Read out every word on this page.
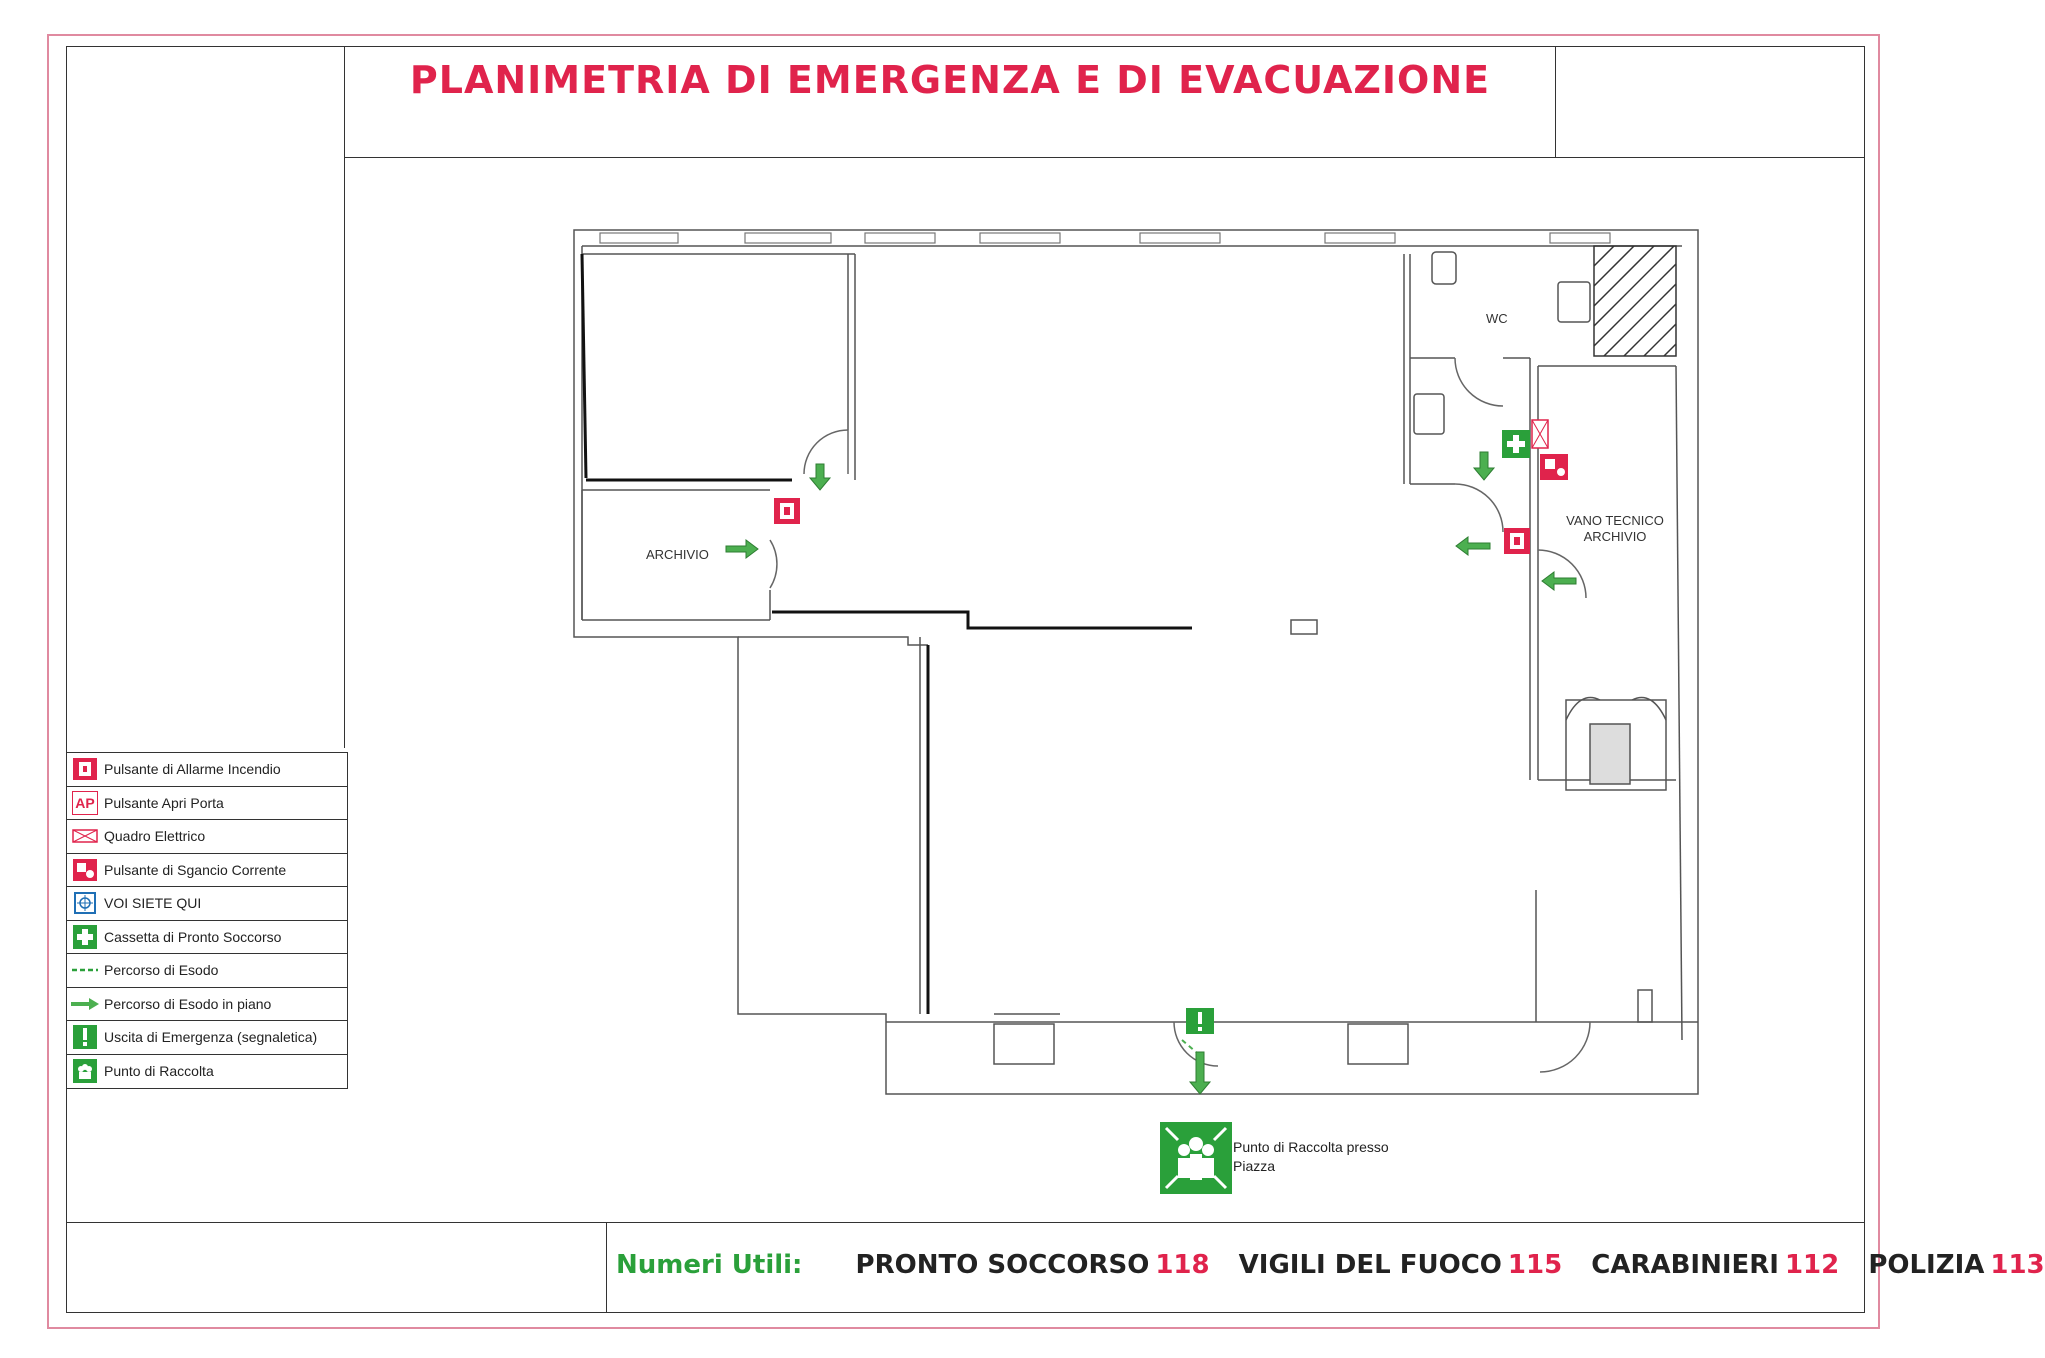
PLANIMETRIA DI EMERGENZA E DI EVACUAZIONE
ARCHIVIO
WC
VANO TECNICO
ARCHIVIO
Punto di Raccolta presso
Piazza
Pulsante di Allarme Incendio
AP Pulsante Apri Porta
Quadro Elettrico
Pulsante di Sgancio Corrente
VOI SIETE QUI
Cassetta di Pronto Soccorso
Percorso di Esodo
Percorso di Esodo in piano
Uscita di Emergenza (segnaletica)
Punto di Raccolta
Numeri Utili: PRONTO SOCCORSO 118 VIGILI DEL FUOCO 115 CARABINIERI 112 POLIZIA 113
